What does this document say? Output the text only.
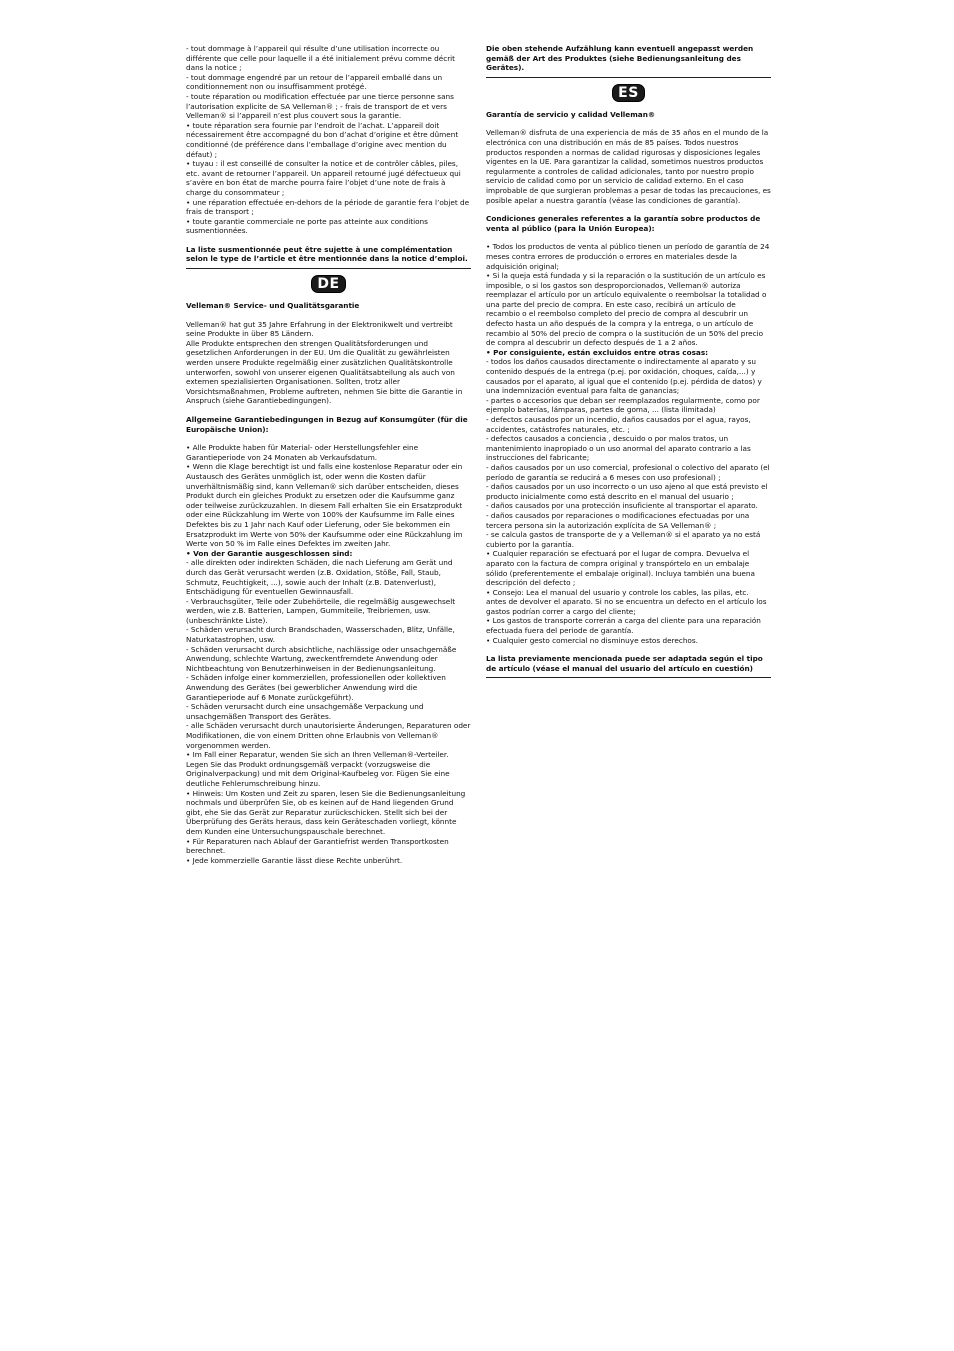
- tout dommage à l’appareil qui résulte d’une utilisation incorrecte ou différente que celle pour laquelle il a été initialement prévu comme décrit dans la notice ;

- tout dommage engendré par un retour de l’appareil emballé dans un conditionnement non ou insuffisamment protégé.

- toute réparation ou modification effectuée par une tierce personne sans l’autorisation explicite de SA Velleman® ; - frais de transport de et vers Velleman® si l’appareil n’est plus couvert sous la garantie.

• toute réparation sera fournie par l’endroit de l’achat. L’appareil doit nécessairement être accompagné du bon d’achat d’origine et être dûment conditionné (de préférence dans l’emballage d’origine avec mention du défaut) ;

• tuyau : il est conseillé de consulter la notice et de contrôler câbles, piles, etc. avant de retourner l’appareil. Un appareil retourné jugé défectueux qui s’avère en bon état de marche pourra faire l’objet d’une note de frais à charge du consommateur ;

• une réparation effectuée en-dehors de la période de garantie fera l’objet de frais de transport ;

• toute garantie commerciale ne porte pas atteinte aux conditions susmentionnées.

La liste susmentionnée peut être sujette à une complémentation selon le type de l’article et être mentionnée dans la notice d’emploi.

DE

Velleman® Service- und Qualitätsgarantie

Velleman® hat gut 35 Jahre Erfahrung in der Elektronikwelt und vertreibt seine Produkte in über 85 Ländern.

Alle Produkte entsprechen den strengen Qualitätsforderungen und gesetzlichen Anforderungen in der EU. Um die Qualität zu gewährleisten werden unsere Produkte regelmäßig einer zusätzlichen Qualitätskontrolle unterworfen, sowohl von unserer eigenen Qualitätsabteilung als auch von externen spezialisierten Organisationen. Sollten, trotz aller Vorsichtsmaßnahmen, Probleme auftreten, nehmen Sie bitte die Garantie in Anspruch (siehe Garantiebedingungen).

Allgemeine Garantiebedingungen in Bezug auf Konsumgüter (für die Europäische Union):

• Alle Produkte haben für Material- oder Herstellungsfehler eine Garantieperiode von 24 Monaten ab Verkaufsdatum.

• Wenn die Klage berechtigt ist und falls eine kostenlose Reparatur oder ein Austausch des Gerätes unmöglich ist, oder wenn die Kosten dafür unverhältnismäßig sind, kann Velleman® sich darüber entscheiden, dieses Produkt durch ein gleiches Produkt zu ersetzen oder die Kaufsumme ganz oder teilweise zurückzuzahlen. In diesem Fall erhalten Sie ein Ersatzprodukt oder eine Rückzahlung im Werte von 100% der Kaufsumme im Falle eines Defektes bis zu 1 Jahr nach Kauf oder Lieferung, oder Sie bekommen ein Ersatzprodukt im Werte von 50% der Kaufsumme oder eine Rückzahlung im Werte von 50 % im Falle eines Defektes im zweiten Jahr.

• Von der Garantie ausgeschlossen sind:

- alle direkten oder indirekten Schäden, die nach Lieferung am Gerät und durch das Gerät verursacht werden (z.B. Oxidation, Stöße, Fall, Staub, Schmutz, Feuchtigkeit, ...), sowie auch der Inhalt (z.B. Datenverlust), Entschädigung für eventuellen Gewinnausfall.

- Verbrauchsgüter, Teile oder Zubehörteile, die regelmäßig ausgewechselt werden, wie z.B. Batterien, Lampen, Gummiteile, Treibriemen, usw. (unbeschränkte Liste).

- Schäden verursacht durch Brandschaden, Wasserschaden, Blitz, Unfälle, Naturkatastrophen, usw.

- Schäden verursacht durch absichtliche, nachlässige oder unsachgemäße Anwendung, schlechte Wartung, zweckentfremdete Anwendung oder Nichtbeachtung von Benutzerhinweisen in der Bedienungsanleitung.

- Schäden infolge einer kommerziellen, professionellen oder kollektiven Anwendung des Gerätes (bei gewerblicher Anwendung wird die Garantieperiode auf 6 Monate zurückgeführt).

- Schäden verursacht durch eine unsachgemäße Verpackung und unsachgemäßen Transport des Gerätes.

- alle Schäden verursacht durch unautorisierte Änderungen, Reparaturen oder Modifikationen, die von einem Dritten ohne Erlaubnis von Velleman® vorgenommen werden.

• Im Fall einer Reparatur, wenden Sie sich an Ihren Velleman®-Verteiler. Legen Sie das Produkt ordnungsgemäß verpackt (vorzugsweise die Originalverpackung) und mit dem Original-Kaufbeleg vor. Fügen Sie eine deutliche Fehlerumschreibung hinzu.

• Hinweis: Um Kosten und Zeit zu sparen, lesen Sie die Bedienungsanleitung nochmals und überprüfen Sie, ob es keinen auf de Hand liegenden Grund gibt, ehe Sie das Gerät zur Reparatur zurückschicken. Stellt sich bei der Überprüfung des Geräts heraus, dass kein Geräteschaden vorliegt, könnte dem Kunden eine Untersuchungspauschale berechnet.

• Für Reparaturen nach Ablauf der Garantiefrist werden Transportkosten berechnet.

• Jede kommerzielle Garantie lässt diese Rechte unberührt.

Die oben stehende Aufzählung kann eventuell angepasst werden gemäß der Art des Produktes (siehe Bedienungsanleitung des Gerätes).

ES

Garantía de servicio y calidad Velleman®

Velleman® disfruta de una experiencia de más de 35 años en el mundo de la electrónica con una distribución en más de 85 países. Todos nuestros productos responden a normas de calidad rigurosas y disposiciones legales vigentes en la UE. Para garantizar la calidad, sometimos nuestros productos regularmente a controles de calidad adicionales, tanto por nuestro propio servicio de calidad como por un servicio de calidad externo. En el caso improbable de que surgieran problemas a pesar de todas las precauciones, es posible apelar a nuestra garantía (véase las condiciones de garantía).

Condiciones generales referentes a la garantía sobre productos de venta al público (para la Unión Europea):

• Todos los productos de venta al público tienen un período de garantía de 24 meses contra errores de producción o errores en materiales desde la adquisición original;

• Si la queja está fundada y si la reparación o la sustitución de un artículo es imposible, o si los gastos son desproporcionados, Velleman® autoriza reemplazar el artículo por un artículo equivalente o reembolsar la totalidad o una parte del precio de compra. En este caso, recibirá un artículo de recambio o el reembolso completo del precio de compra al descubrir un defecto hasta un año después de la compra y la entrega, o un artículo de recambio al 50% del precio de compra o la sustitución de un 50% del precio de compra al descubrir un defecto después de 1 a 2 años.

• Por consiguiente, están excluidos entre otras cosas:

- todos los daños causados directamente o indirectamente al aparato y su contenido después de la entrega (p.ej. por oxidación, choques, caída,...) y causados por el aparato, al igual que el contenido (p.ej. pérdida de datos) y una indemnización eventual para falta de ganancias;

- partes o accesorios que deban ser reemplazados regularmente, como por ejemplo baterías, lámparas, partes de goma, ... (lista ilimitada)

- defectos causados por un incendio, daños causados por el agua, rayos, accidentes, catástrofes naturales, etc. ;

- defectos causados a conciencia , descuido o por malos tratos, un mantenimiento inapropiado o un uso anormal del aparato contrario a las instrucciones del fabricante;

- daños causados por un uso comercial, profesional o colectivo del aparato (el período de garantía se reducirá a 6 meses con uso profesional) ;

- daños causados por un uso incorrecto o un uso ajeno al que está previsto el producto inicialmente como está descrito en el manual del usuario ;

- daños causados por una protección insuficiente al transportar el aparato.

- daños causados por reparaciones o modificaciones efectuadas por una tercera persona sin la autorización explícita de SA Velleman® ;

- se calcula gastos de transporte de y a Velleman® si el aparato ya no está cubierto por la garantía.

• Cualquier reparación se efectuará por el lugar de compra. Devuelva el aparato con la factura de compra original y transpórtelo en un embalaje sólido (preferentemente el embalaje original). Incluya también una buena descripción del defecto ;

• Consejo: Lea el manual del usuario y controle los cables, las pilas, etc. antes de devolver el aparato. Si no se encuentra un defecto en el artículo los gastos podrían correr a cargo del cliente;

• Los gastos de transporte correrán a carga del cliente para una reparación efectuada fuera del periode de garantía.

• Cualquier gesto comercial no disminuye estos derechos.

La lista previamente mencionada puede ser adaptada según el tipo de artículo (véase el manual del usuario del artículo en cuestión)
